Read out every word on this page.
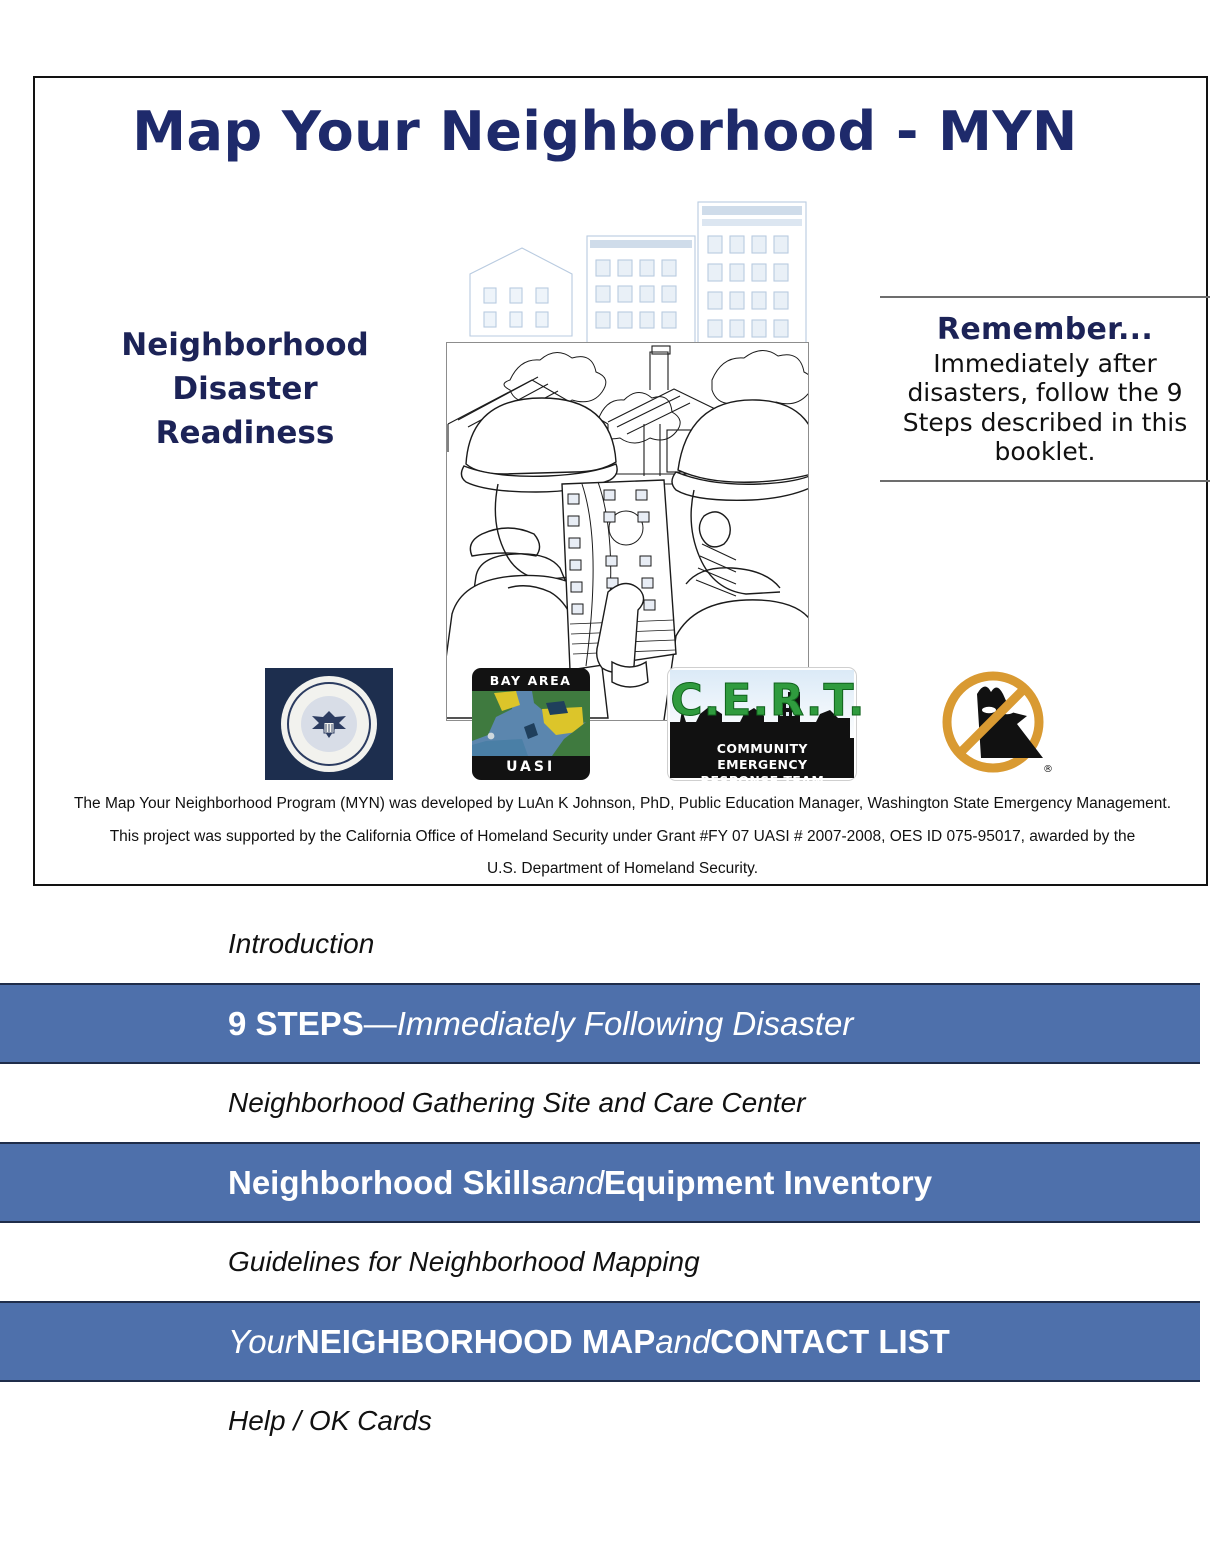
Map Your Neighborhood - MYN
Neighborhood
Disaster
Readiness
Remember...
Immediately after disasters, follow the 9 Steps described in this booklet.
BAY AREA
UASI
C.E.R.T.
COMMUNITY EMERGENCY
RESPONSE TEAM
®

The Map Your Neighborhood Program (MYN) was developed by LuAn K Johnson, PhD, Public Education Manager, Washington State Emergency Management.

This project was supported by the California Office of Homeland Security under Grant #FY 07 UASI # 2007-2008, OES ID 075-95017, awarded by the

U.S. Department of Homeland Security.

Introduction
9 STEPS — Immediately Following Disaster
Neighborhood Gathering Site and Care Center
Neighborhood Skills and Equipment Inventory
Guidelines for Neighborhood Mapping
Your NEIGHBORHOOD MAP and CONTACT LIST
Help / OK Cards
